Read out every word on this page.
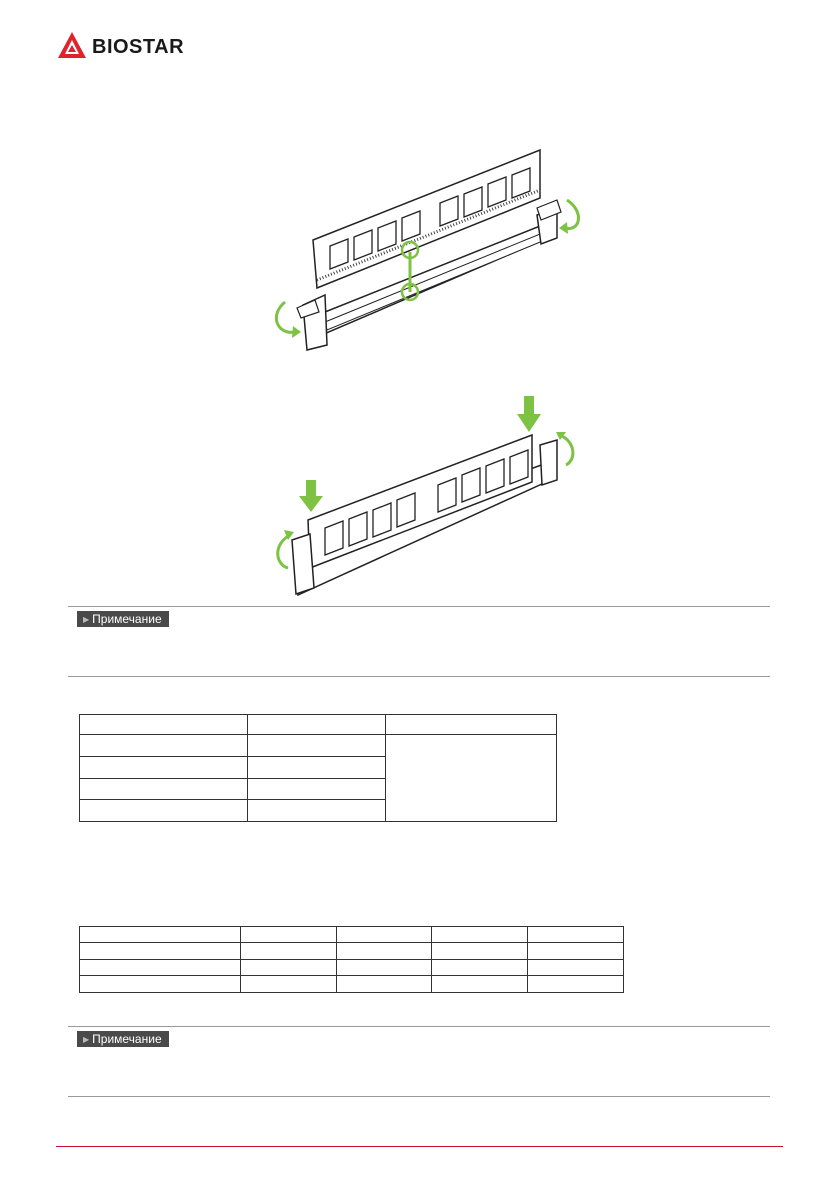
BIOSTAR
▶ Примечание

▶ Примечание
